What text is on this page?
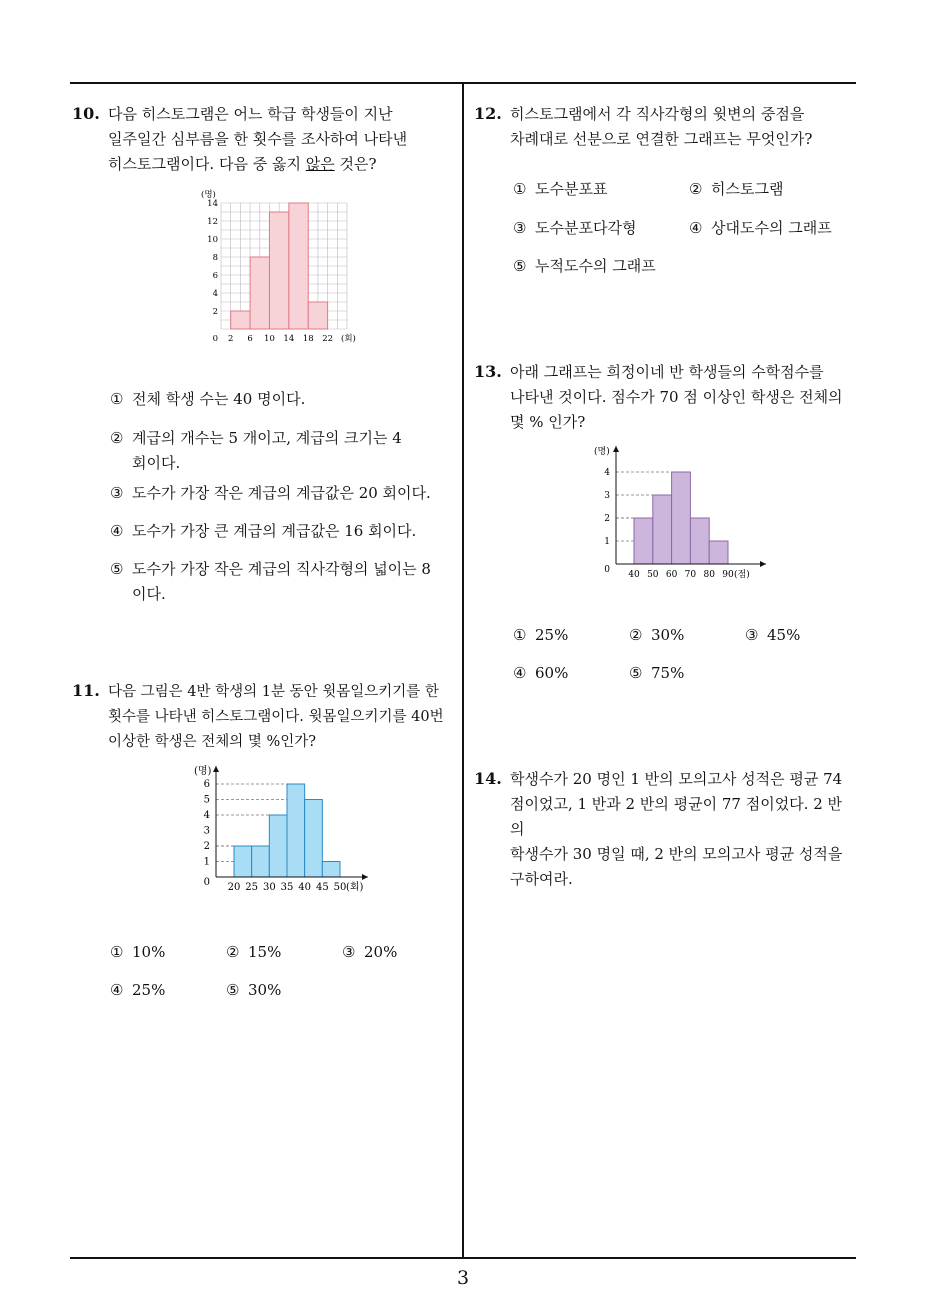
3
10. 다음 히스토그램은 어느 학급 학생들이 지난
일주일간 심부름을 한 횟수를 조사하여 나타낸
히스토그램이다. 다음 중 옳지 않은 것은?
2
4
6
8
10
12
14
0 2 6 10 14 18 22
(명)
(회)
① 전체 학생 수는 40 명이다.
② 계급의 개수는 5 개이고, 계급의 크기는 4
회이다.
③ 도수가 가장 작은 계급의 계급값은 20 회이다.
④ 도수가 가장 큰 계급의 계급값은 16 회이다.
⑤ 도수가 가장 작은 계급의 직사각형의 넓이는 8
이다.
11. 다음 그림은 4반 학생의 1분 동안 윗몸일으키기를 한
횟수를 나타낸 히스토그램이다. 윗몸일으키기를 40번
이상한 학생은 전체의 몇 %인가?
0
1
2
3
4
5
6
20 25 30 35 40 45 50
(명)
(회)
① 10%	② 15%	③ 20%
④ 25%	⑤ 30%
12. 히스토그램에서 각 직사각형의 윗변의 중점을
차례대로 선분으로 연결한 그래프는 무엇인가?
① 도수분포표	② 히스토그램
③ 도수분포다각형	④ 상대도수의 그래프
⑤ 누적도수의 그래프
13. 아래 그래프는 희정이네 반 학생들의 수학점수를
나타낸 것이다. 점수가 70 점 이상인 학생은 전체의
몇 % 인가?
0
1
2
3
4
40 50 60 70 80 90
(명)
(점)
① 25%	② 30%	③ 45%
④ 60%	⑤ 75%
14. 학생수가 20 명인 1 반의 모의고사 성적은 평균 74
점이었고, 1 반과 2 반의 평균이 77 점이었다. 2 반의
학생수가 30 명일 때, 2 반의 모의고사 평균 성적을
구하여라.
